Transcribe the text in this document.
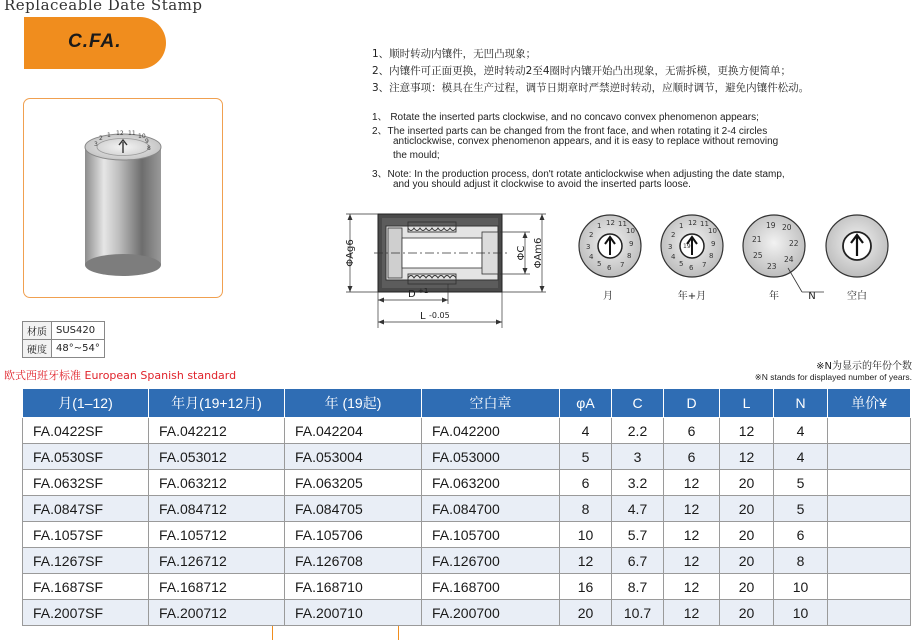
Replaceable Date Stamp
C.FA.
3
2 1 12 11 10
9
8
材质	SUS420
硬度	48°~54°
1、顺时转动内镶件，无凹凸现象；
2、内镶件可正面更换，逆时转动2至4圈时内镶开始凸出现象，无需拆模，更换方便简单；
3、注意事项：模具在生产过程，调节日期章时严禁逆时转动，应顺时调节，避免内镶件松动。
1、 Rotate the inserted parts clockwise, and no concavo convex phenomenon appears;
2、The inserted parts can be changed from the front face, and when rotating it 2-4 circles
anticlockwise, convex phenomenon appears, and it is easy to replace without removing
the mould;
3、Note: In the production process, don't rotate anticlockwise when adjusting the date stamp,
and you should adjust it clockwise to avoid the inserted parts loose.
ΦAg6	ΦC ΦAm6
D +1
L -0.05
3
2
1 12 11
10
9
8
7
6
5
4
3
2
1 12 11
10
9
8
7
6
5
4
19
19 20
22
24
23
25
21
月	年+月	年	N	空白
欧式西班牙标准 European Spanish standard
※N为显示的年份个数
※N stands for displayed number of years.
月(1–12)	年月(19+12月)	年 (19起)	空白章	φA	C	D	L	N	单价¥
FA.0422SF	FA.042212	FA.042204	FA.042200	4	2.2	6	12	4	
FA.0530SF	FA.053012	FA.053004	FA.053000	5	3	6	12	4	
FA.0632SF	FA.063212	FA.063205	FA.063200	6	3.2	12	20	5	
FA.0847SF	FA.084712	FA.084705	FA.084700	8	4.7	12	20	5	
FA.1057SF	FA.105712	FA.105706	FA.105700	10	5.7	12	20	6	
FA.1267SF	FA.126712	FA.126708	FA.126700	12	6.7	12	20	8	
FA.1687SF	FA.168712	FA.168710	FA.168700	16	8.7	12	20	10	
FA.2007SF	FA.200712	FA.200710	FA.200700	20	10.7	12	20	10	
